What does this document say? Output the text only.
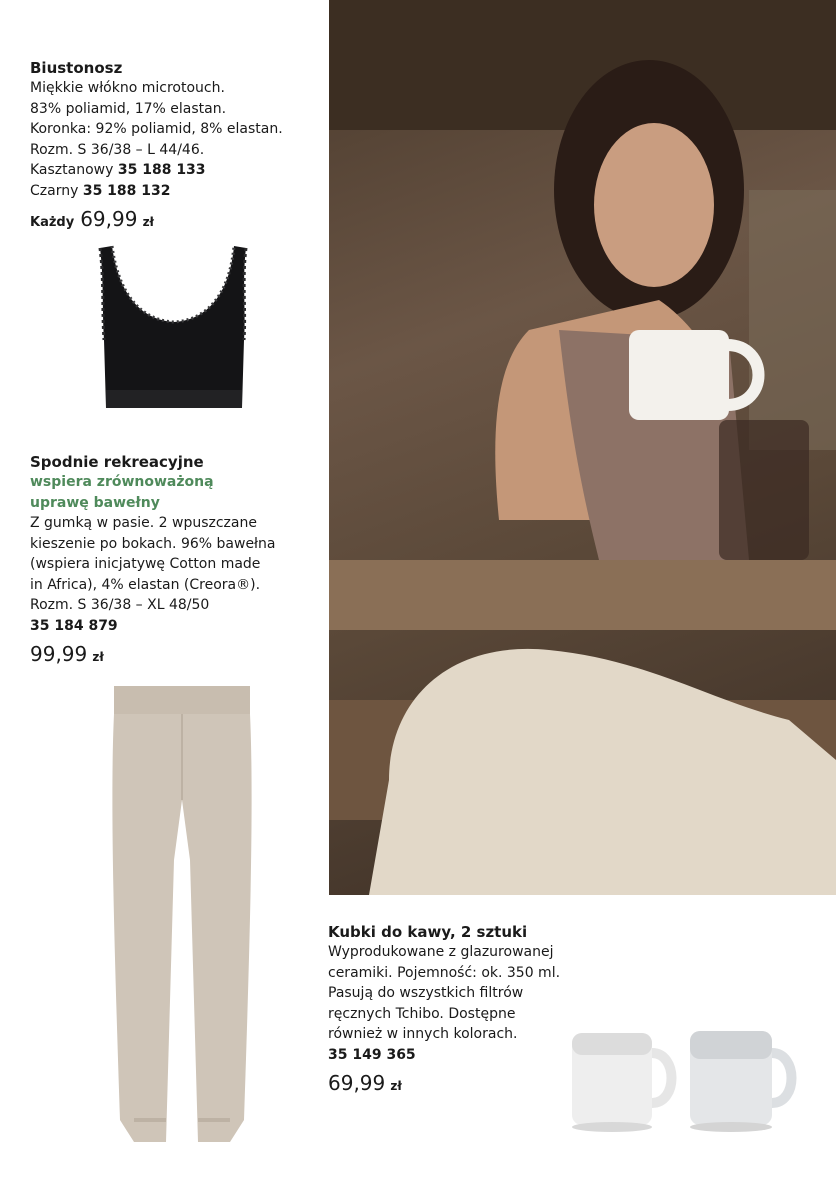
Biustonosz
Miękkie włókno microtouch.
83% poliamid, 17% elastan.
Koronka: 92% poliamid, 8% elastan.
Rozm. S 36/38 – L 44/46.
Kasztanowy 35 188 133
Czarny 35 188 132
Każdy 69,99 zł
Spodnie rekreacyjne
wspiera zrównoważoną
uprawę bawełny
Z gumką w pasie. 2 wpuszczane
kieszenie po bokach. 96% bawełna
(wspiera inicjatywę Cotton made
in Africa), 4% elastan (Creora®).
Rozm. S 36/38 – XL 48/50
35 184 879
99,99 zł
Kubki do kawy, 2 sztuki
Wyprodukowane z glazurowanej
ceramiki. Pojemność: ok. 350 ml.
Pasują do wszystkich filtrów
ręcznych Tchibo. Dostępne
również w innych kolorach.
35 149 365
69,99 zł
